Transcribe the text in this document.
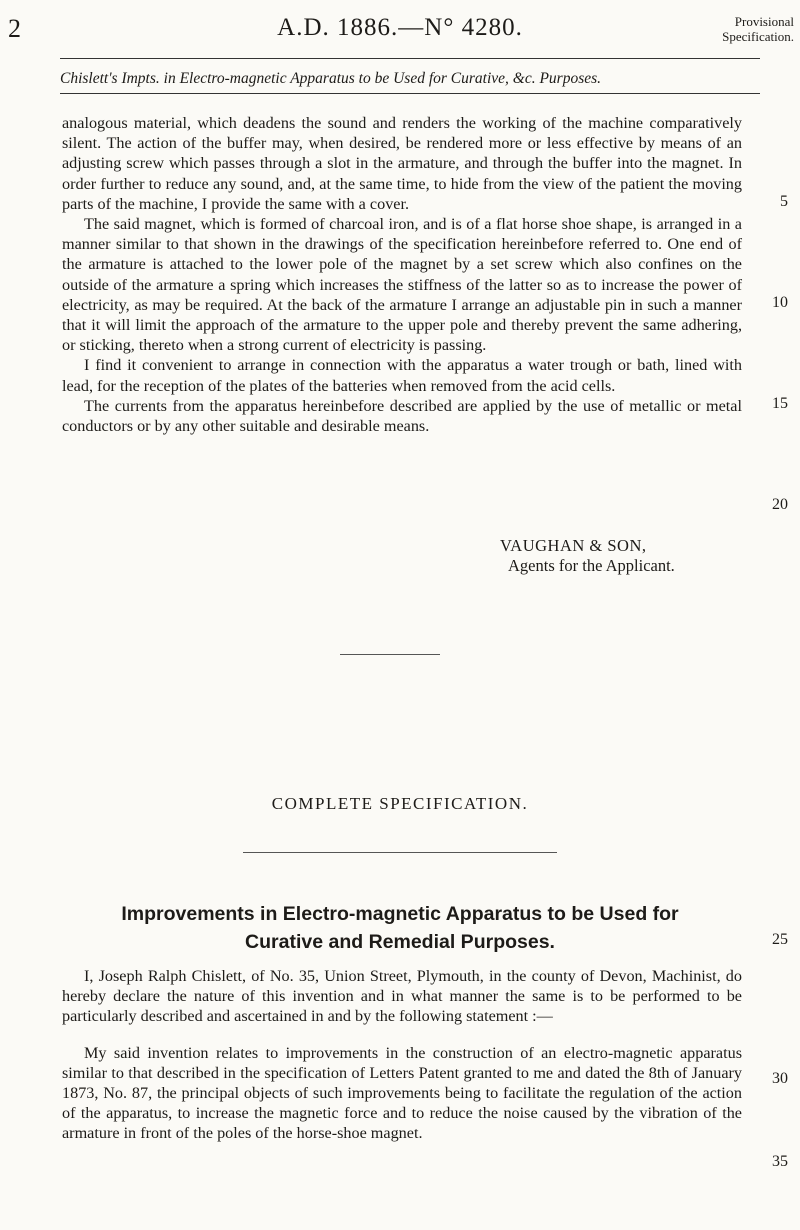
2	A.D. 1886.—N° 4280.	Provisional
Specification.
Chislett's Impts. in Electro-magnetic Apparatus to be Used for Curative, &c. Purposes.

analogous material, which deadens the sound and renders the working of the machine comparatively silent. The action of the buffer may, when desired, be rendered more or less effective by means of an adjusting screw which passes through a slot in the armature, and through the buffer into the magnet. In order further to reduce any sound, and, at the same time, to hide from the view of the patient the moving parts of the machine, I provide the same with a cover.

The said magnet, which is formed of charcoal iron, and is of a flat horse shoe shape, is arranged in a manner similar to that shown in the drawings of the specification hereinbefore referred to. One end of the armature is attached to the lower pole of the magnet by a set screw which also confines on the outside of the armature a spring which increases the stiffness of the latter so as to increase the power of electricity, as may be required. At the back of the armature I arrange an adjustable pin in such a manner that it will limit the approach of the armature to the upper pole and thereby prevent the same adhering, or sticking, thereto when a strong current of electricity is passing.

I find it convenient to arrange in connection with the apparatus a water trough or bath, lined with lead, for the reception of the plates of the batteries when removed from the acid cells.

The currents from the apparatus hereinbefore described are applied by the use of metallic or metal conductors or by any other suitable and desirable means.

5
10
15
20
VAUGHAN & SON,
Agents for the Applicant.
COMPLETE SPECIFICATION.
Improvements in Electro-magnetic Apparatus to be Used for
Curative and Remedial Purposes.	25

I, Joseph Ralph Chislett, of No. 35, Union Street, Plymouth, in the county of Devon, Machinist, do hereby declare the nature of this invention and in what manner the same is to be performed to be particularly described and ascertained in and by the following statement :—

My said invention relates to improvements in the construction of an electro-magnetic apparatus similar to that described in the specification of Letters Patent granted to me and dated the 8th of January 1873, No. 87, the principal objects of such improvements being to facilitate the regulation of the action of the apparatus, to increase the magnetic force and to reduce the noise caused by the vibration of the armature in front of the poles of the horse-shoe magnet.

30
35
